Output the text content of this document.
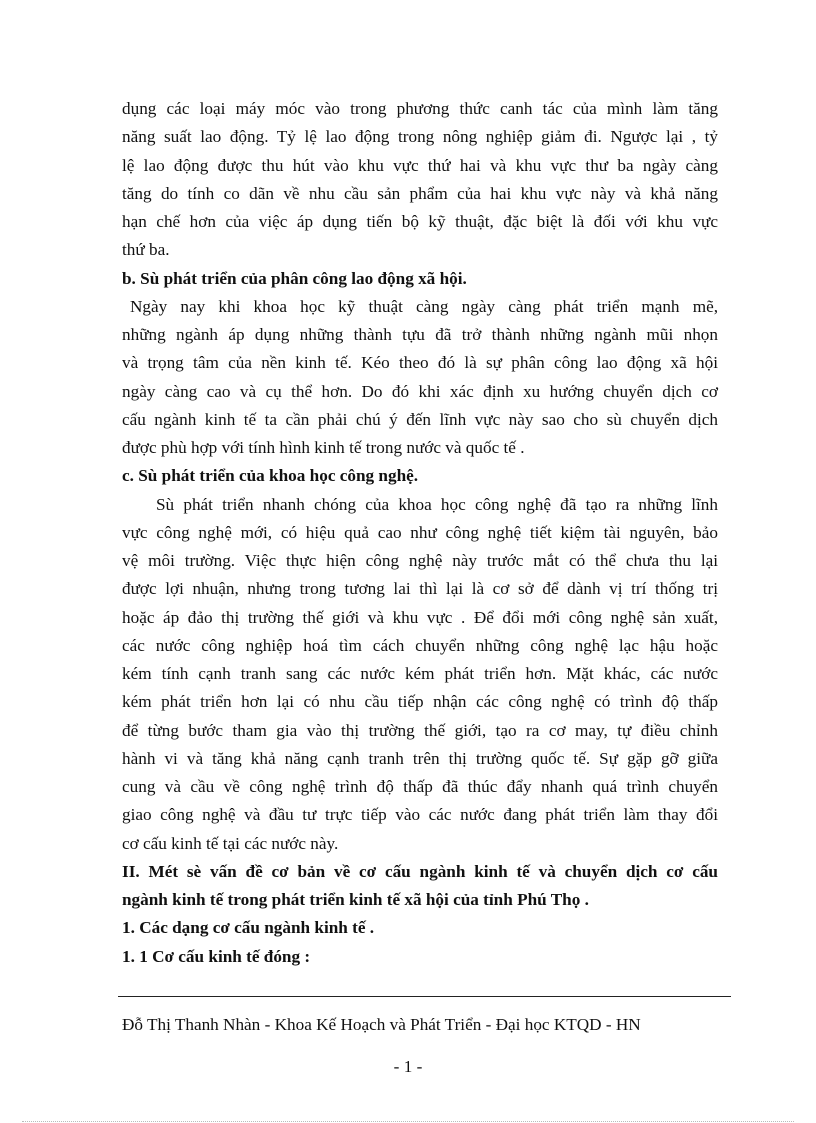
dụng các loại máy móc vào trong phương thức canh tác của mình làm tăng
năng suất lao động. Tỷ lệ lao động trong nông nghiệp giảm đi. Ngược lại , tỷ
lệ lao động được thu hút vào khu vực thứ hai và khu vực thư ba ngày càng
tăng do tính co dãn về nhu cầu sản phẩm của hai khu vực này và khả năng
hạn chế hơn của việc áp dụng tiến bộ kỹ thuật, đặc biệt là đối với khu vực
thứ ba.
b. Sù phát triển của phân công lao động xã hội.
Ngày nay khi khoa học kỹ thuật càng ngày càng phát triển mạnh mẽ,
những ngành áp dụng những thành tựu đã trở thành những ngành mũi nhọn
và trọng tâm của nền kinh tế. Kéo theo đó là sự phân công lao động xã hội
ngày càng cao và cụ thể hơn. Do đó khi xác định xu hướng chuyển dịch cơ
cấu ngành kinh tế ta cần phải chú ý đến lĩnh vực này sao cho sù chuyển dịch
được phù hợp với tính hình kinh tế trong nước và quốc tế .
c. Sù phát triển của khoa học công nghệ.
Sù phát triển nhanh chóng của khoa học công nghệ đã tạo ra những lĩnh
vực công nghệ mới, có hiệu quả cao như công nghệ tiết kiệm tài nguyên, bảo
vệ môi trường. Việc thực hiện công nghệ này trước mắt có thể chưa thu lại
được lợi nhuận, nhưng trong tương lai thì lại là cơ sở để dành vị trí thống trị
hoặc áp đảo thị trường thế giới và khu vực . Để đổi mới công nghệ sản xuất,
các nước công nghiệp hoá tìm cách chuyển những công nghệ lạc hậu hoặc
kém tính cạnh tranh sang các nước kém phát triển hơn. Mặt khác, các nước
kém phát triển hơn lại có nhu cầu tiếp nhận các công nghệ có trình độ thấp
để từng bước tham gia vào thị trường thế giới, tạo ra cơ may, tự điều chỉnh
hành vi và tăng khả năng cạnh tranh trên thị trường quốc tế. Sự gặp gỡ giữa
cung và cầu về công nghệ trình độ thấp đã thúc đẩy nhanh quá trình chuyển
giao công nghệ và đầu tư trực tiếp vào các nước đang phát triển làm thay đổi
cơ cấu kinh tế tại các nước này.
II. Mét sè vấn đề cơ bản về cơ cấu ngành kinh tế và chuyển dịch cơ cấu
ngành kinh tế trong phát triển kinh tế xã hội của tỉnh Phú Thọ .
1. Các dạng cơ cấu ngành kinh tế .
1. 1 Cơ cấu kinh tế đóng :
Đỗ Thị Thanh Nhàn - Khoa Kế Hoạch và Phát Triển - Đại học KTQD - HN
- 1 -
